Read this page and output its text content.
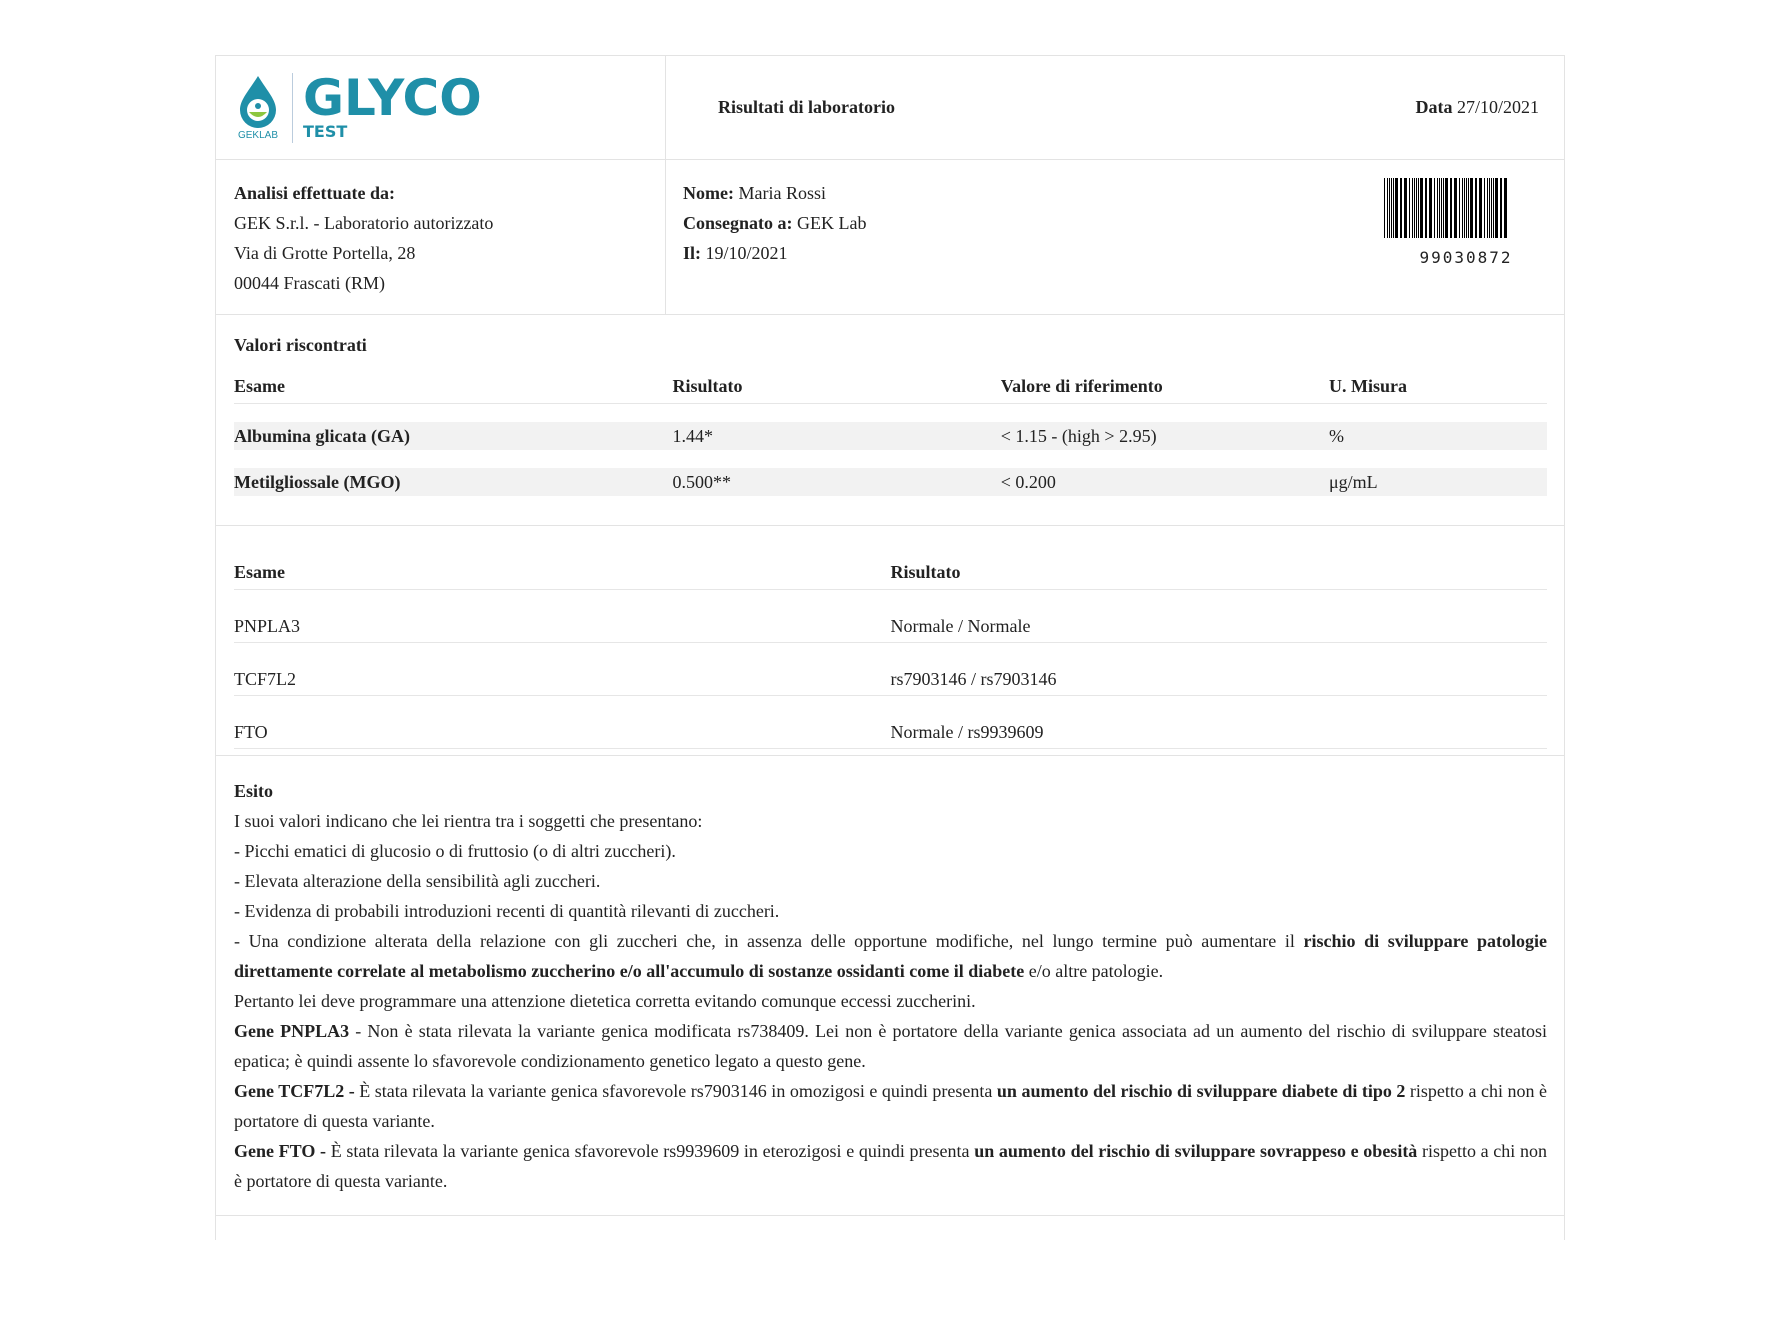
GEKLAB
GLYCO
TEST
Risultati di laboratorio	Data 27/10/2021
Analisi effettuate da:
GEK S.r.l. - Laboratorio autorizzato
Via di Grotte Portella, 28
00044 Frascati (RM)
Nome: Maria Rossi
Consegnato a: GEK Lab
Il: 19/10/2021	99030872
Valori riscontrati
Esame	Risultato	Valore di riferimento	U. Misura

Albumina glicata (GA)	1.44*	< 1.15 - (high > 2.95)	%

Metilgliossale (MGO)	0.500**	< 0.200	μg/mL
Esame	Risultato
PNPLA3	Normale / Normale
TCF7L2	rs7903146 / rs7903146
FTO	Normale / rs9939609

Esito

I suoi valori indicano che lei rientra tra i soggetti che presentano:

- Picchi ematici di glucosio o di fruttosio (o di altri zuccheri).

- Elevata alterazione della sensibilità agli zuccheri.

- Evidenza di probabili introduzioni recenti di quantità rilevanti di zuccheri.

- Una condizione alterata della relazione con gli zuccheri che, in assenza delle opportune modifiche, nel lungo termine può aumentare il rischio di sviluppare patologie direttamente correlate al metabolismo zuccherino e/o all'accumulo di sostanze ossidanti come il diabete e/o altre patologie.

Pertanto lei deve programmare una attenzione dietetica corretta evitando comunque eccessi zuccherini.

Gene PNPLA3 - Non è stata rilevata la variante genica modificata rs738409. Lei non è portatore della variante genica associata ad un aumento del rischio di sviluppare steatosi epatica; è quindi assente lo sfavorevole condizionamento genetico legato a questo gene.

Gene TCF7L2 - È stata rilevata la variante genica sfavorevole rs7903146 in omozigosi e quindi presenta un aumento del rischio di sviluppare diabete di tipo 2 rispetto a chi non è portatore di questa variante.

Gene FTO - È stata rilevata la variante genica sfavorevole rs9939609 in eterozigosi e quindi presenta un aumento del rischio di sviluppare sovrappeso e obesità rispetto a chi non è portatore di questa variante.
